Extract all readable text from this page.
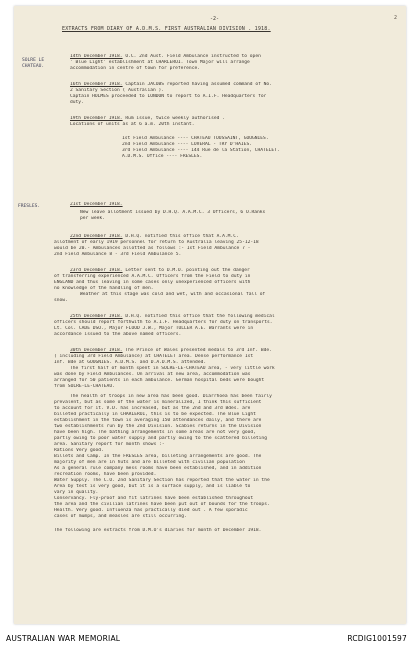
2
-2-
EXTRACTS FROM DIARY OF A.D.M.S. FIRST AUSTRALIAN DIVISION . 1918.
SOLRE LE
CHATEAU.
FRESLES.
14th December 1918. O.C. 2nd Aust. Field Ambulance instructed to open
' Blue Light' establishment at CHARLEROI. Town Major will arrange
accommodation in centre of town for preference.
16th December 1918. Captain JACOBS reported having assumed command of No.
2 Sanitary Section ( Australian ).
Captain HOLMES proceeded to LONDON to report to A.I.F. Headquarters for
duty.
19th December 1918. Rum issue, twice weekly authorised .
Locations of units as at 6 a.m. 20th instant.
1st Field Ambulance ---- CHATEAU TOUSSAINT, GOUGNIES.
2nd Field Ambulance ---- LOVERAL - TRY D'HAIES.
3rd Field Ambulance ---- 144 Rue de la Station, CHATELET.
A.D.M.S. Office ---- FRESLES.
21st December 1918.
New leave allotment issued by D.H.Q. A.A.M.C. 3 Officers, 6 O.Ranks
per week.
22nd December 1918. D.H.Q. notified this office that A.A.M.C.
allotment of early 1919 personnel for return to Australia leaving 25-12-18
would be 20.- Ambulances allotted as follows :- 1st Field Ambulance 7 -
2nd Field Ambulance 8 - 3rd Field Ambulance 5.
23rd December 1918. Letter sent to D.M.O. pointing out the danger
of transferring experienced A.A.M.C. Officers from the Field to duty in
ENGLAND and thus leaving in some cases only unexperienced officers with
no knowledge of the handling of men.
Weather at this stage was cold and wet, with and occasional fall of
snow.
25th December 1918. D.H.Q. notified this office that the following medical
officers should report forthwith to A.I.F. Headquarters for duty on transports.
Lt. Col. CADE DSO., Major FLOOD J.W., Major TULLER A.E. Warrants were in
accordance issued to the above named officers.
30th December 1918. The Prince of Wales presented medals to 3rd Inf. Bde.
( including 3rd Field Ambulance) at CHATELET area. Dense performance 1st
Inf. Bde at GOUGNIES. A.D.M.S. and D.A.D.M.S. attended.
The first half of month spent in SOLRE-LE-CHATEAU area, - very little work
was done by Field Ambulances. On arrival at new area, accommodation was
arranged for 50 patients in each ambulance. German hospital beds were bought
from SOLRE-LE-CHATEAU.
The health of troops in new area has been good. Diarrhoea has been fairly
prevalent, but as some of the water is mineralized, I think this sufficient
to account for it. V.D. has increased, but as the 2nd and 3rd Bdes. are
billeted practically in CHARLEROI, this is to be expected. The Blue Light
establishment in the town is averaging 150 attendances daily, and there are
two establishments run by the 2nd Division. Scabies returns in the Division
have been high. The bathing arrangements in some areas are not very good,
partly owing to poor water supply and partly owing to the scattered billeting
area. Sanitary report for month shows :-
Rations Very good.
Billets and Camp. In the FRESLES area, billeting arrangements are good. The
majority of men are in huts and are billeted with civilian population
As a general rule company mess rooms have been established, and in addition
recreation rooms, have been provided.
Water Supply. The C.O. 2nd Sanitary Section has reported that the water in the
Area by test is very good, but it is a surface supply, and is liable to
vary in quality.
Conservancy. Fly-proof and fit latrines have been established throughout
the area and the civilian latrines have been put out of bounds for the troops.
Health. Very good. Influenza has practically died out . A few sporadic
cases of mumps, and measles are still occurring.
The following are extracts from D.M.O's diaries for month of December 1918.
AUSTRALIAN WAR MEMORIAL	RCDIG1001597
